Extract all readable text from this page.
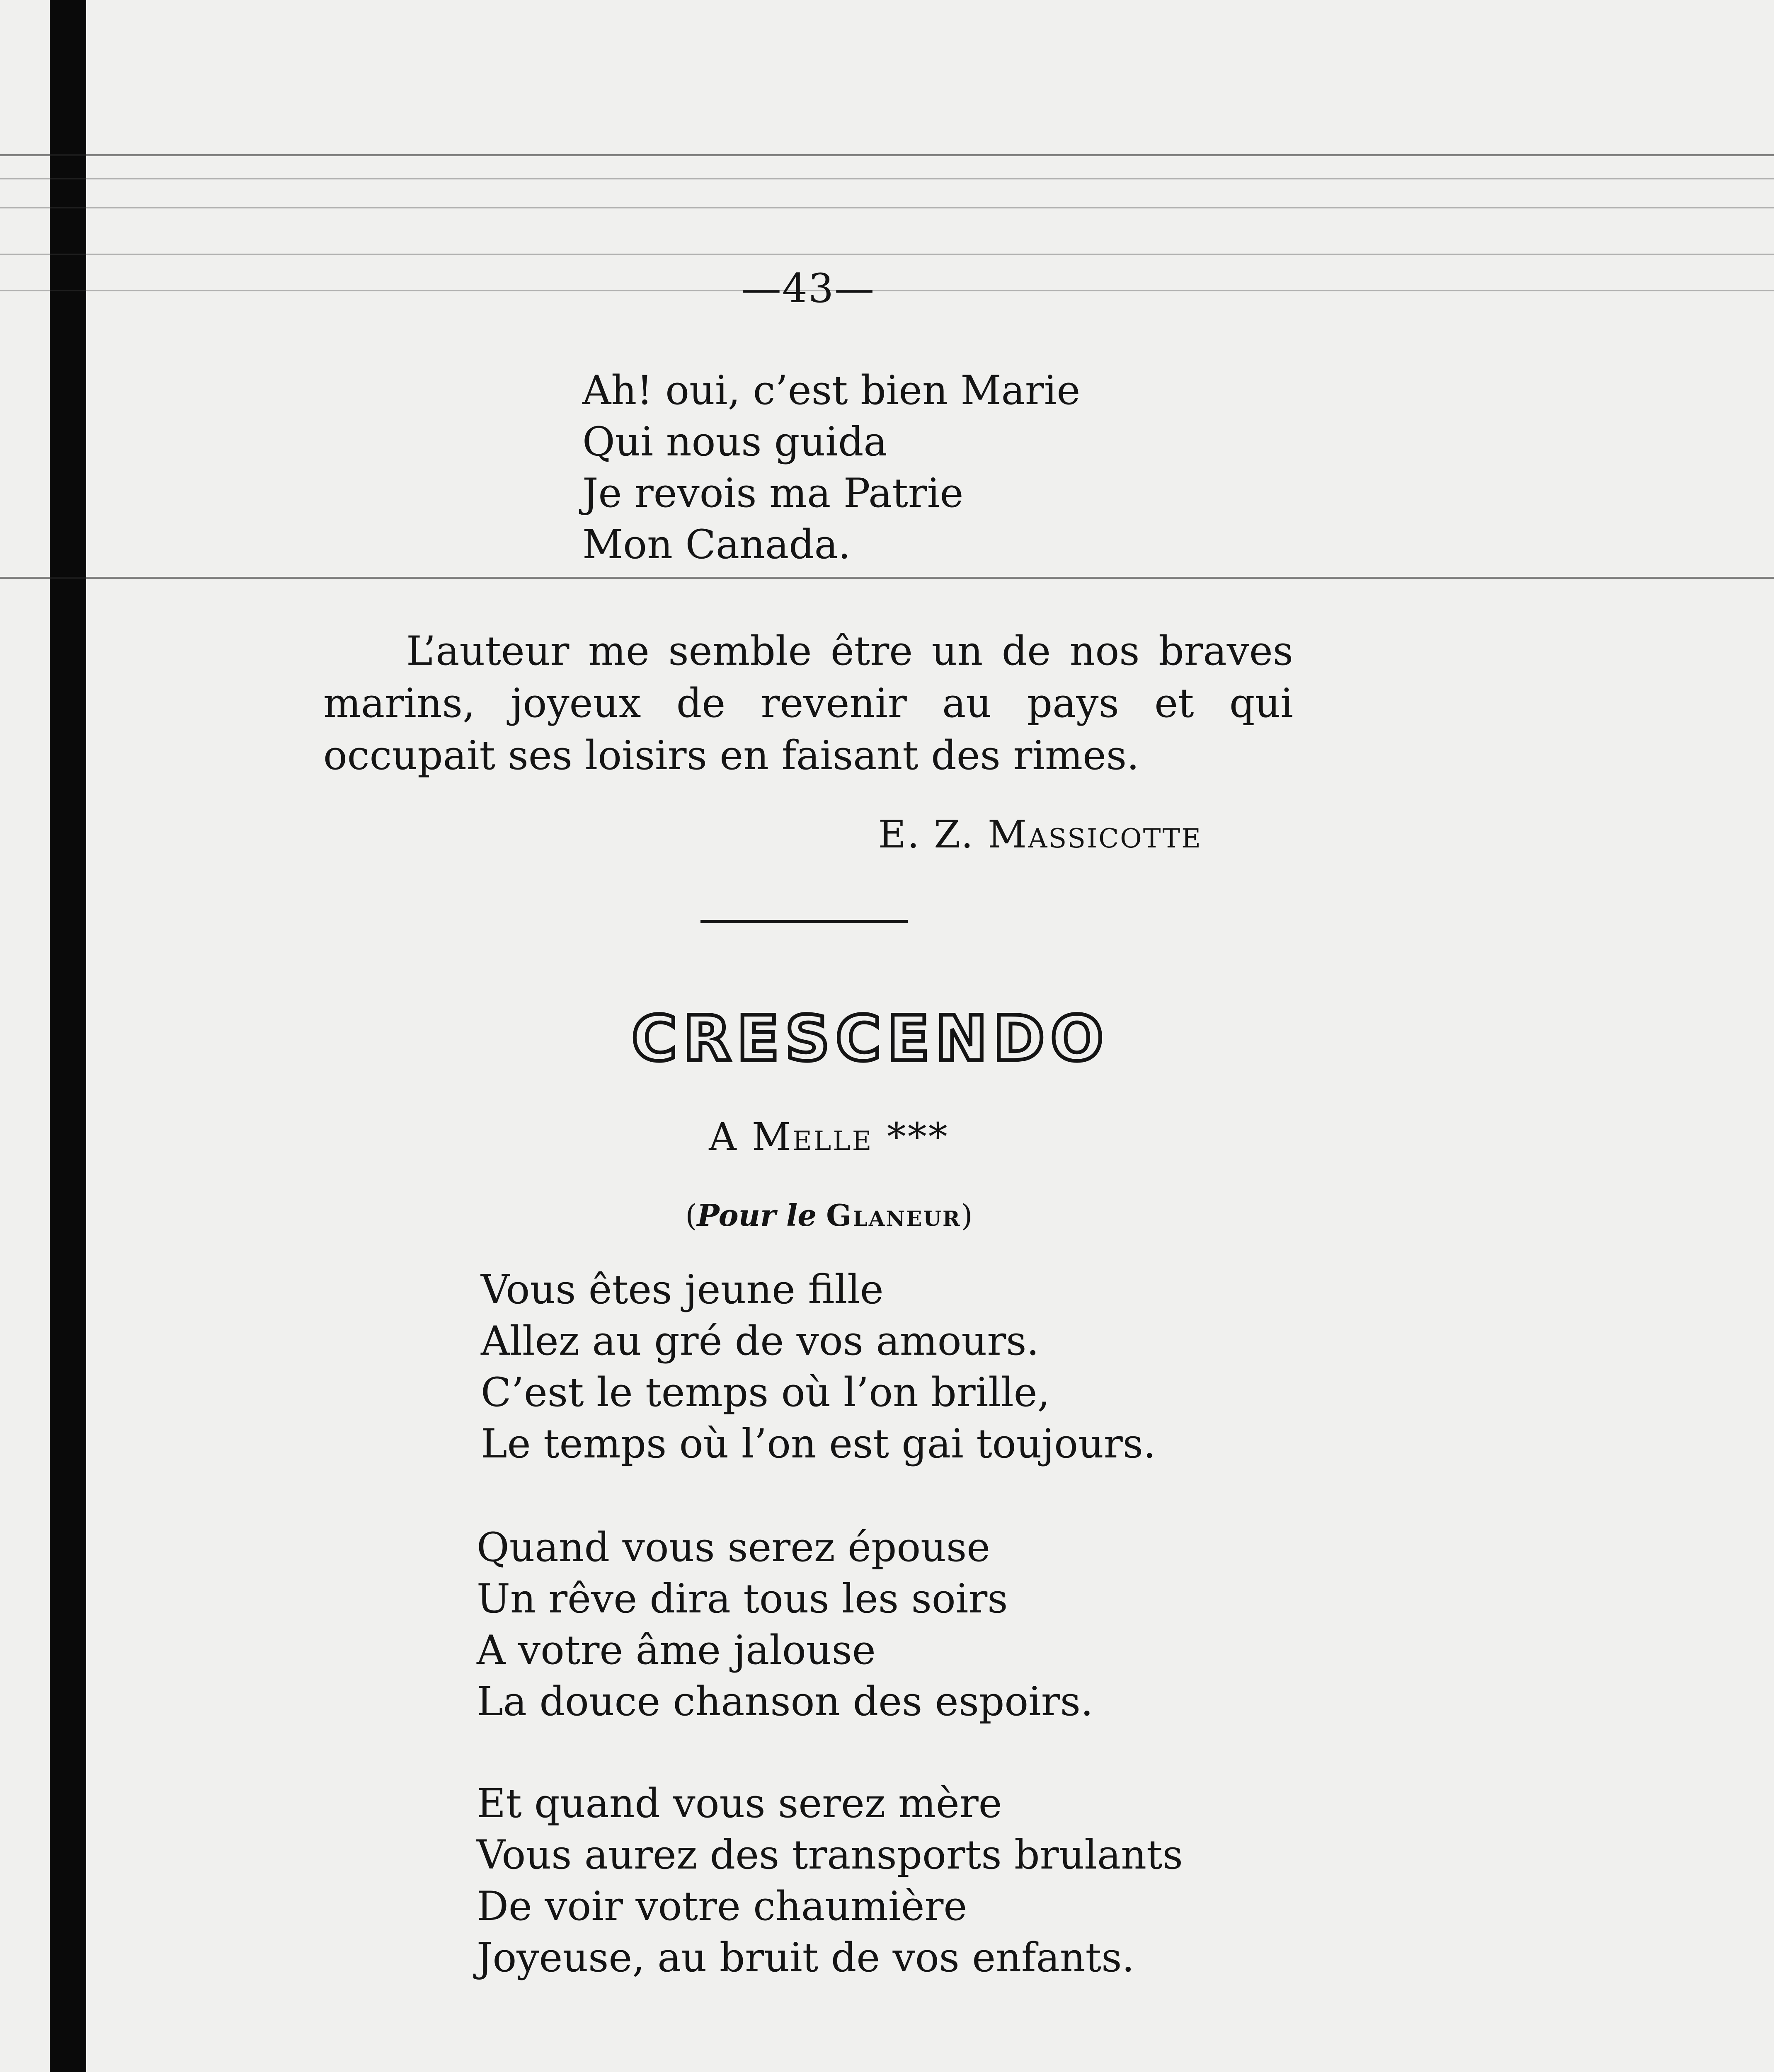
—43—
Ah! oui, c’est bien Marie
Qui nous guida
Je revois ma Patrie
Mon Canada.

L’auteur me semble être un de nos braves marins, joyeux de revenir au pays et qui occupait ses loisirs en faisant des rimes.

E. Z. Massicotte
CRESCENDO
A Melle ***
(Pour le Glaneur)
Vous êtes jeune fille
Allez au gré de vos amours.
C’est le temps où l’on brille,
Le temps où l’on est gai toujours.
Quand vous serez épouse
Un rêve dira tous les soirs
A votre âme jalouse
La douce chanson des espoirs.
Et quand vous serez mère
Vous aurez des transports brulants
De voir votre chaumière
Joyeuse, au bruit de vos enfants.
